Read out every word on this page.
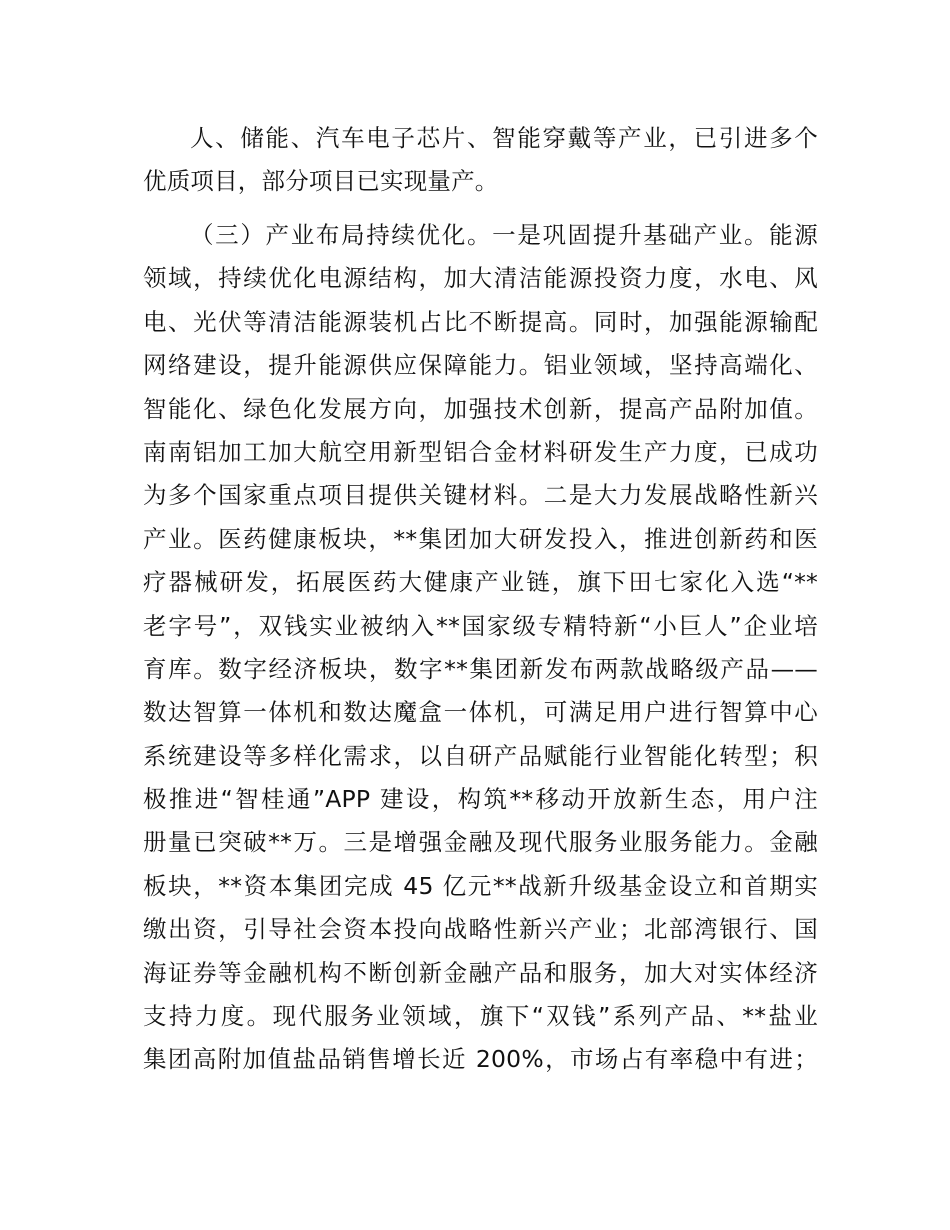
人、储能、汽车电子芯片、智能穿戴等产业，已引进多个
优质项目，部分项目已实现量产。
（三）产业布局持续优化。一是巩固提升基础产业。能源
领域，持续优化电源结构，加大清洁能源投资力度，水电、风
电、光伏等清洁能源装机占比不断提高。同时，加强能源输配
网络建设，提升能源供应保障能力。铝业领域，坚持高端化、
智能化、绿色化发展方向，加强技术创新，提高产品附加值。
南南铝加工加大航空用新型铝合金材料研发生产力度，已成功
为多个国家重点项目提供关键材料。二是大力发展战略性新兴
产业。医药健康板块，**集团加大研发投入，推进创新药和医
疗器械研发，拓展医药大健康产业链，旗下田七家化入选“**
老字号”，双钱实业被纳入**国家级专精特新“小巨人”企业培
育库。数字经济板块，数字**集团新发布两款战略级产品——
数达智算一体机和数达魔盒一体机，可满足用户进行智算中心
系统建设等多样化需求，以自研产品赋能行业智能化转型；积
极推进“智桂通”APP 建设，构筑**移动开放新生态，用户注
册量已突破**万。三是增强金融及现代服务业服务能力。金融
板块，**资本集团完成 45 亿元**战新升级基金设立和首期实
缴出资，引导社会资本投向战略性新兴产业；北部湾银行、国
海证券等金融机构不断创新金融产品和服务，加大对实体经济
支持力度。现代服务业领域，旗下“双钱”系列产品、**盐业
集团高附加值盐品销售增长近 200%，市场占有率稳中有进；
